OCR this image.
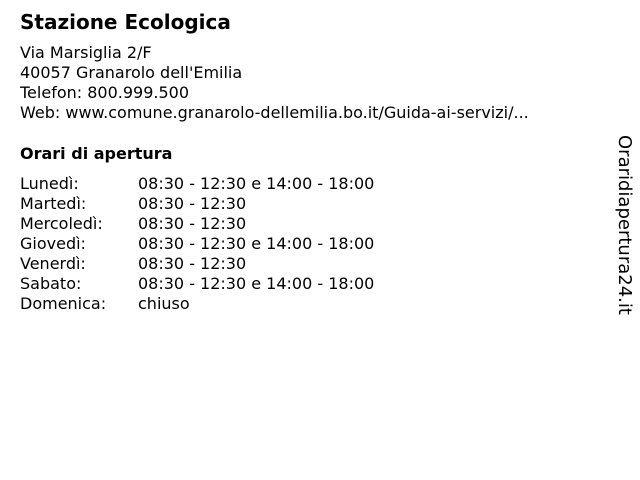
Stazione Ecologica
Via Marsiglia 2/F
40057 Granarolo dell'Emilia
Telefon: 800.999.500
Web: www.comune.granarolo-dellemilia.bo.it/Guida-ai-servizi/...
Orari di apertura
Lunedì:	08:30 - 12:30 e 14:00 - 18:00
Martedì:	08:30 - 12:30
Mercoledì: 08:30 - 12:30
Giovedì:	08:30 - 12:30 e 14:00 - 18:00
Venerdì:	08:30 - 12:30
Sabato:	08:30 - 12:30 e 14:00 - 18:00
Domenica: chiuso	Oraridiapertura24.it
